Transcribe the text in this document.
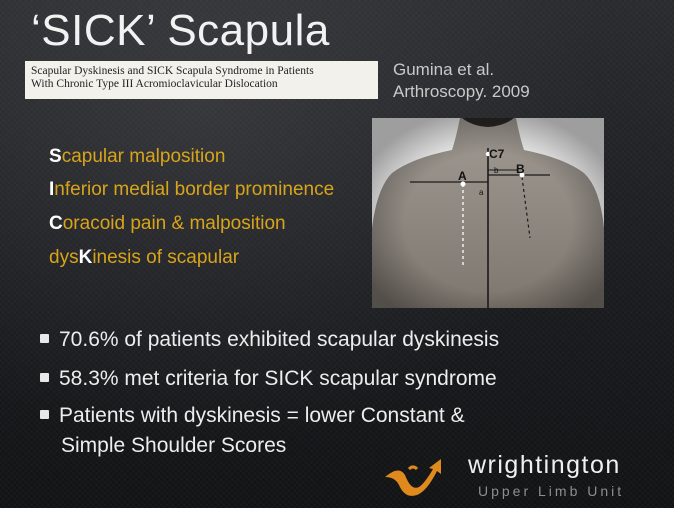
‘SICK’ Scapula
Scapular Dyskinesis and SICK Scapula Syndrome in Patients
With Chronic Type III Acromioclavicular Dislocation
Gumina et al.
Arthroscopy. 2009
Scapular malposition
Inferior medial border prominence
Coracoid pain & malposition
dysKinesis of scapular
C7
A	B
a
b
70.6% of patients exhibited scapular dyskinesis
58.3% met criteria for SICK scapular syndrome
Patients with dyskinesis = lower Constant &
Simple Shoulder Scores
wrightington
Upper Limb Unit
